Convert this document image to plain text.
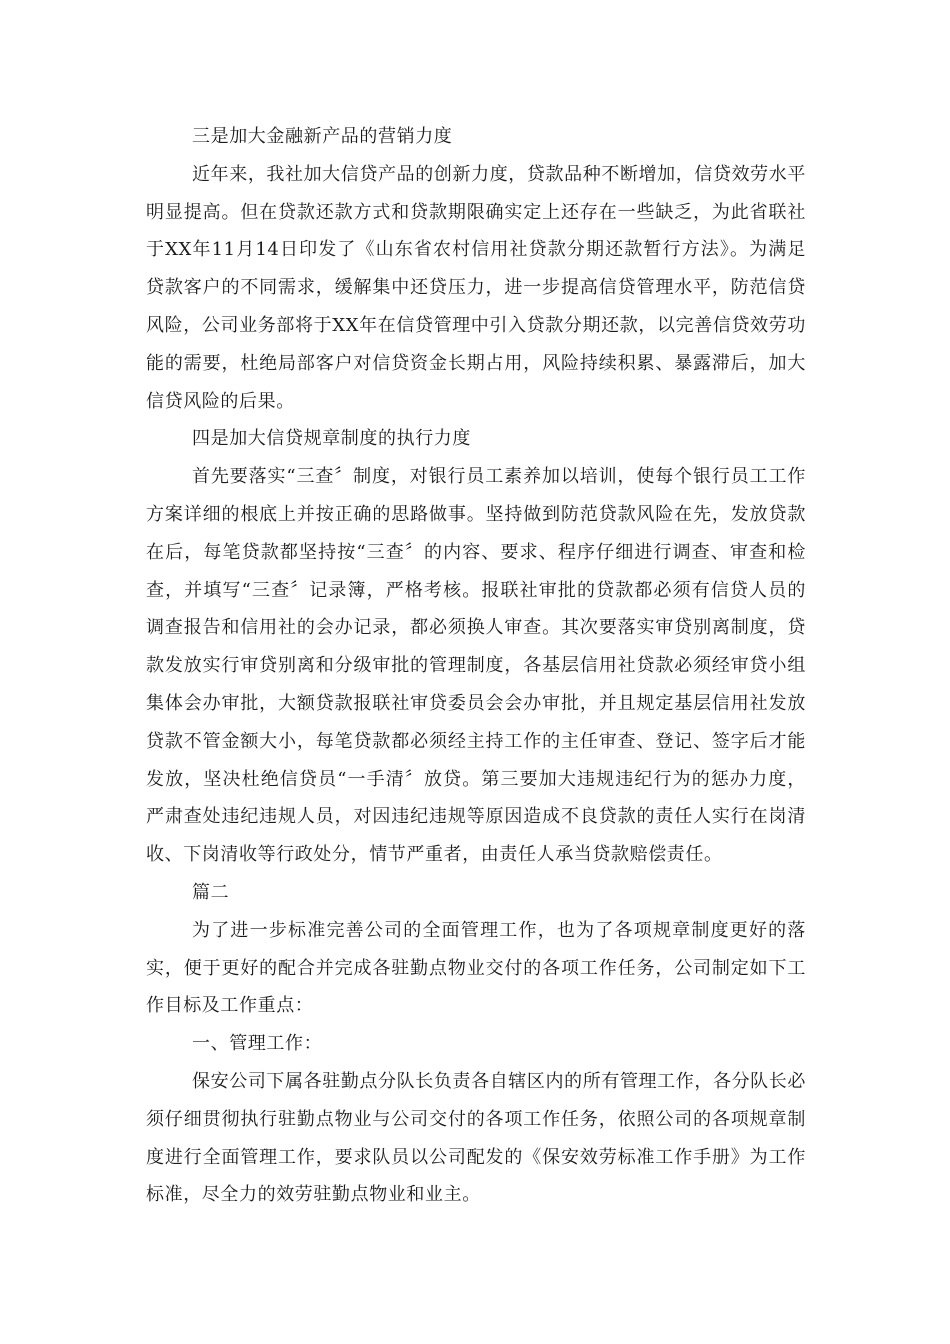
三是加大金融新产品的营销力度

近年来，我社加大信贷产品的创新力度，贷款品种不断增加，信贷效劳水平明显提高。但在贷款还款方式和贷款期限确实定上还存在一些缺乏，为此省联社于XX年11月14日印发了《山东省农村信用社贷款分期还款暂行方法》。为满足贷款客户的不同需求，缓解集中还贷压力，进一步提高信贷管理水平，防范信贷风险，公司业务部将于XX年在信贷管理中引入贷款分期还款，以完善信贷效劳功能的需要，杜绝局部客户对信贷资金长期占用，风险持续积累、暴露滞后，加大信贷风险的后果。

四是加大信贷规章制度的执行力度

首先要落实“三查〞制度，对银行员工素养加以培训，使每个银行员工工作方案详细的根底上并按正确的思路做事。坚持做到防范贷款风险在先，发放贷款在后，每笔贷款都坚持按“三查〞的内容、要求、程序仔细进行调查、审查和检查，并填写“三查〞记录簿，严格考核。报联社审批的贷款都必须有信贷人员的调查报告和信用社的会办记录，都必须换人审查。其次要落实审贷别离制度，贷款发放实行审贷别离和分级审批的管理制度，各基层信用社贷款必须经审贷小组集体会办审批，大额贷款报联社审贷委员会会办审批，并且规定基层信用社发放贷款不管金额大小，每笔贷款都必须经主持工作的主任审查、登记、签字后才能发放，坚决杜绝信贷员“一手清〞放贷。第三要加大违规违纪行为的惩办力度，严肃查处违纪违规人员，对因违纪违规等原因造成不良贷款的责任人实行在岗清收、下岗清收等行政处分，情节严重者，由责任人承当贷款赔偿责任。

篇二

为了进一步标准完善公司的全面管理工作，也为了各项规章制度更好的落实，便于更好的配合并完成各驻勤点物业交付的各项工作任务，公司制定如下工作目标及工作重点：

一、管理工作：

保安公司下属各驻勤点分队长负责各自辖区内的所有管理工作，各分队长必须仔细贯彻执行驻勤点物业与公司交付的各项工作任务，依照公司的各项规章制度进行全面管理工作，要求队员以公司配发的《保安效劳标准工作手册》为工作标准，尽全力的效劳驻勤点物业和业主。
